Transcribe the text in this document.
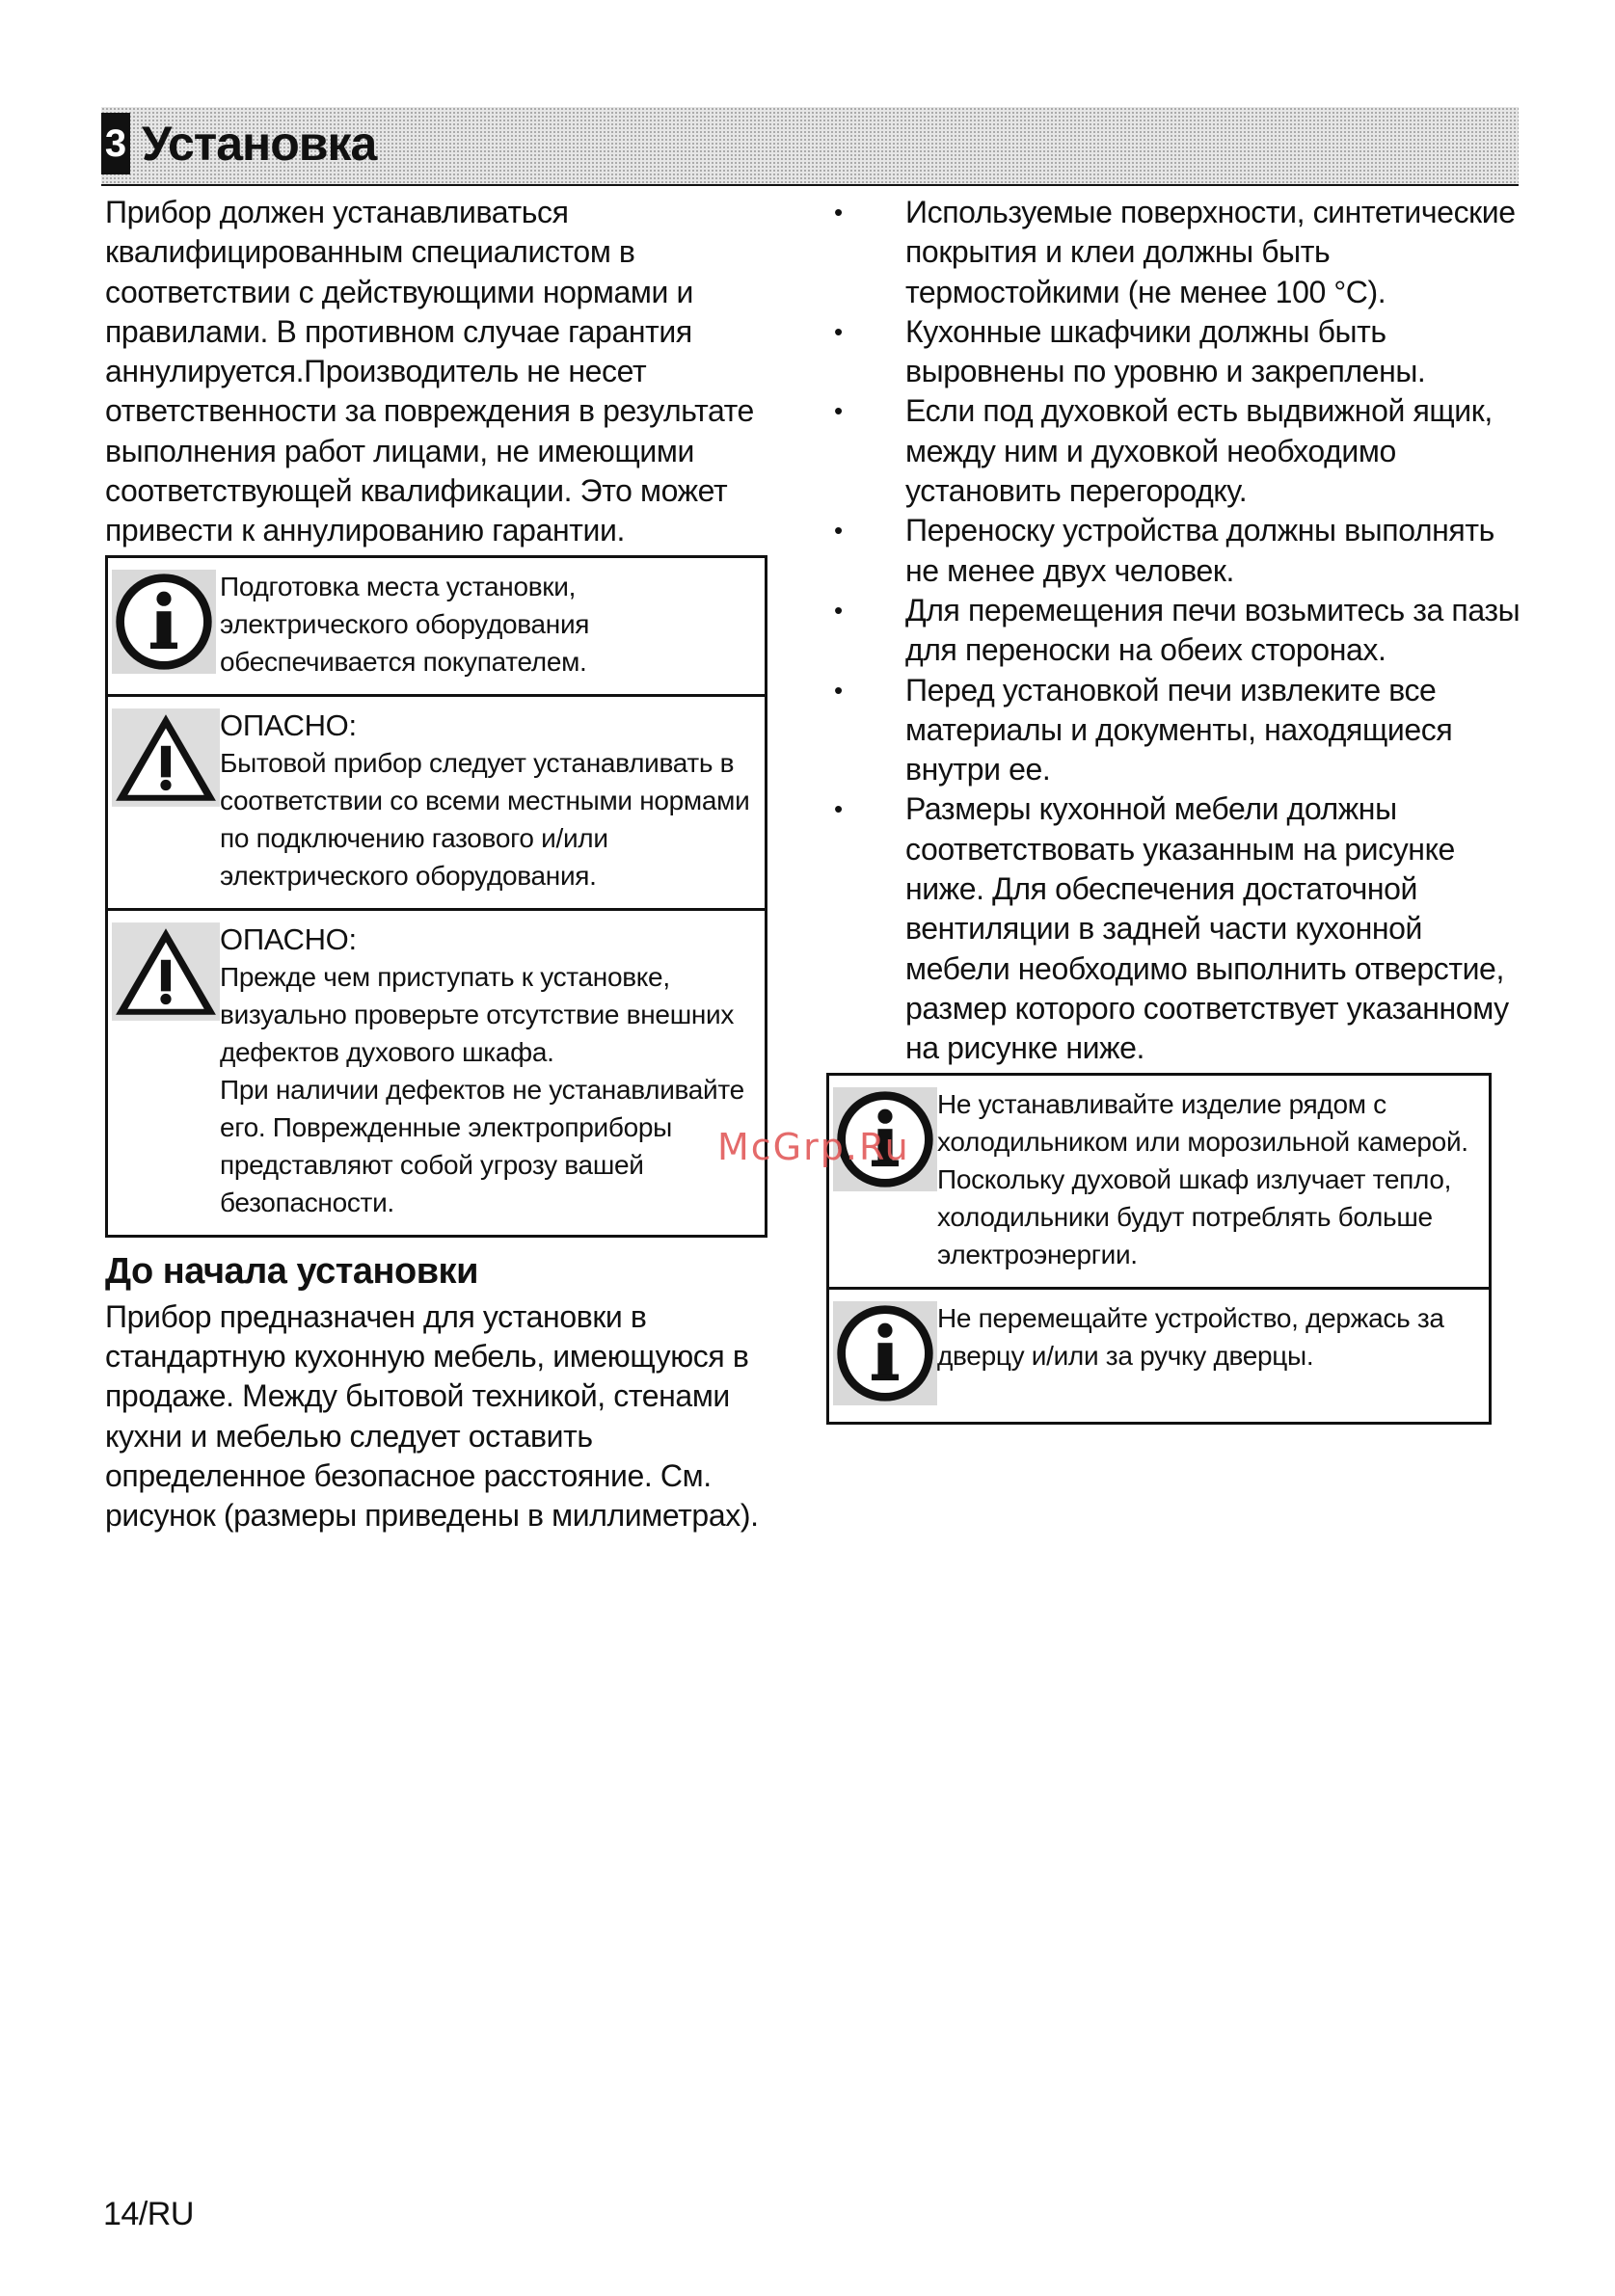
3 Установка

Прибор должен устанавливаться квалифицированным специалистом в соответствии с действующими нормами и правилами. В противном случае гарантия аннулируется.Производитель не несет ответственности за повреждения в результате выполнения работ лицами, не имеющими соответствующей квалификации. Это может привести к аннулированию гарантии.

Подготовка места установки, электрического оборудования обеспечивается покупателем.
ОПАСНО:
Бытовой прибор следует устанавливать в соответствии со всеми местными нормами по подключению газового и/или электрического оборудования.
ОПАСНО:
Прежде чем приступать к установке, визуально проверьте отсутствие внешних дефектов духового шкафа.
При наличии дефектов не устанавливайте его. Поврежденные электроприборы представляют собой угрозу вашей безопасности.
До начала установки

Прибор предназначен для установки в стандартную кухонную мебель, имеющуюся в продаже. Между бытовой техникой, стенами кухни и мебелью следует оставить определенное безопасное расстояние. См. рисунок (размеры приведены в миллиметрах).

• Используемые поверхности, синтетические покрытия и клеи должны быть термостойкими (не менее 100 °С).
• Кухонные шкафчики должны быть выровнены по уровню и закреплены.
• Если под духовкой есть выдвижной ящик, между ним и духовкой необходимо установить перегородку.
• Переноску устройства должны выполнять не менее двух человек.
• Для перемещения печи возьмитесь за пазы для переноски на обеих сторонах.
• Перед установкой печи извлеките все материалы и документы, находящиеся внутри ее.
• Размеры кухонной мебели должны соответствовать указанным на рисунке ниже. Для обеспечения достаточной вентиляции в задней части кухонной мебели необходимо выполнить отверстие, размер которого соответствует указанному на рисунке ниже.
Не устанавливайте изделие рядом с холодильником или морозильной камерой. Поскольку духовой шкаф излучает тепло, холодильники будут потреблять больше электроэнергии.
Не перемещайте устройство, держась за дверцу и/или за ручку дверцы.
McGrp.Ru
14/RU
